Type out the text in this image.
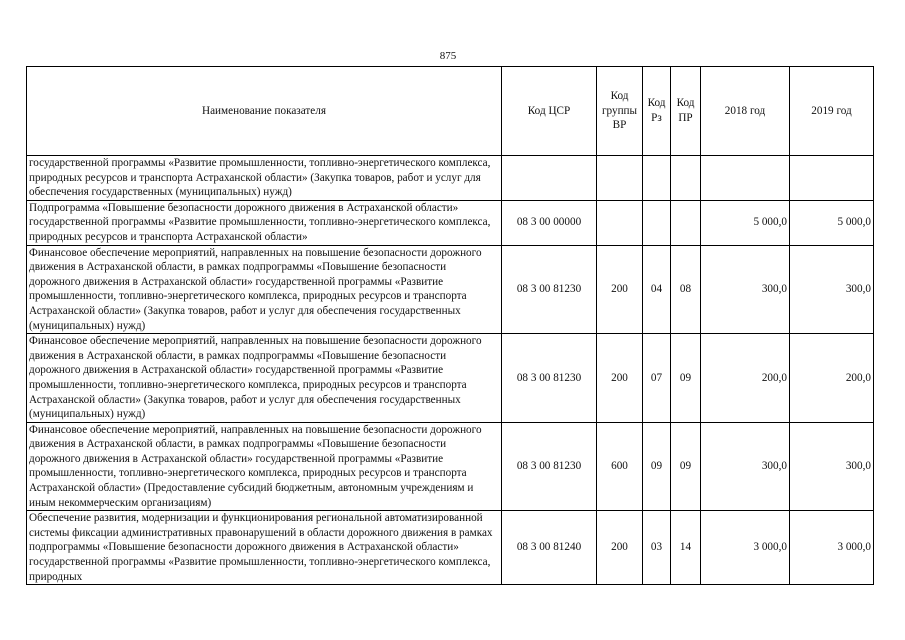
875
Наименование показателя	Код ЦСР	Код группы ВР	Код Рз	Код ПР	2018 год	2019 год
государственной программы «Развитие промышленности, топливно-энергетического комплекса, природных ресурсов и транспорта Астраханской области» (Закупка товаров, работ и услуг для обеспечения государственных (муниципальных) нужд)						
Подпрограмма «Повышение безопасности дорожного движения в Астраханской области» государственной программы «Развитие промышленности, топливно-энергетического комплекса, природных ресурсов и транспорта Астраханской области»	08 3 00 00000				5 000,0	5 000,0
Финансовое обеспечение мероприятий, направленных на повышение безопасности дорожного движения в Астраханской области, в рамках подпрограммы «Повышение безопасности дорожного движения в Астраханской области» государственной программы «Развитие промышленности, топливно-энергетического комплекса, природных ресурсов и транспорта Астраханской области» (Закупка товаров, работ и услуг для обеспечения государственных (муниципальных) нужд)	08 3 00 81230	200	04	08	300,0	300,0
Финансовое обеспечение мероприятий, направленных на повышение безопасности дорожного движения в Астраханской области, в рамках подпрограммы «Повышение безопасности дорожного движения в Астраханской области» государственной программы «Развитие промышленности, топливно-энергетического комплекса, природных ресурсов и транспорта Астраханской области» (Закупка товаров, работ и услуг для обеспечения государственных (муниципальных) нужд)	08 3 00 81230	200	07	09	200,0	200,0
Финансовое обеспечение мероприятий, направленных на повышение безопасности дорожного движения в Астраханской области, в рамках подпрограммы «Повышение безопасности дорожного движения в Астраханской области» государственной программы «Развитие промышленности, топливно-энергетического комплекса, природных ресурсов и транспорта Астраханской области» (Предоставление субсидий бюджетным, автономным учреждениям и иным некоммерческим организациям)	08 3 00 81230	600	09	09	300,0	300,0
Обеспечение развития, модернизации и функционирования региональной автоматизированной системы фиксации административных правонарушений в области дорожного движения в рамках подпрограммы «Повышение безопасности дорожного движения в Астраханской области» государственной программы «Развитие промышленности, топливно-энергетического комплекса, природных	08 3 00 81240	200	03	14	3 000,0	3 000,0
